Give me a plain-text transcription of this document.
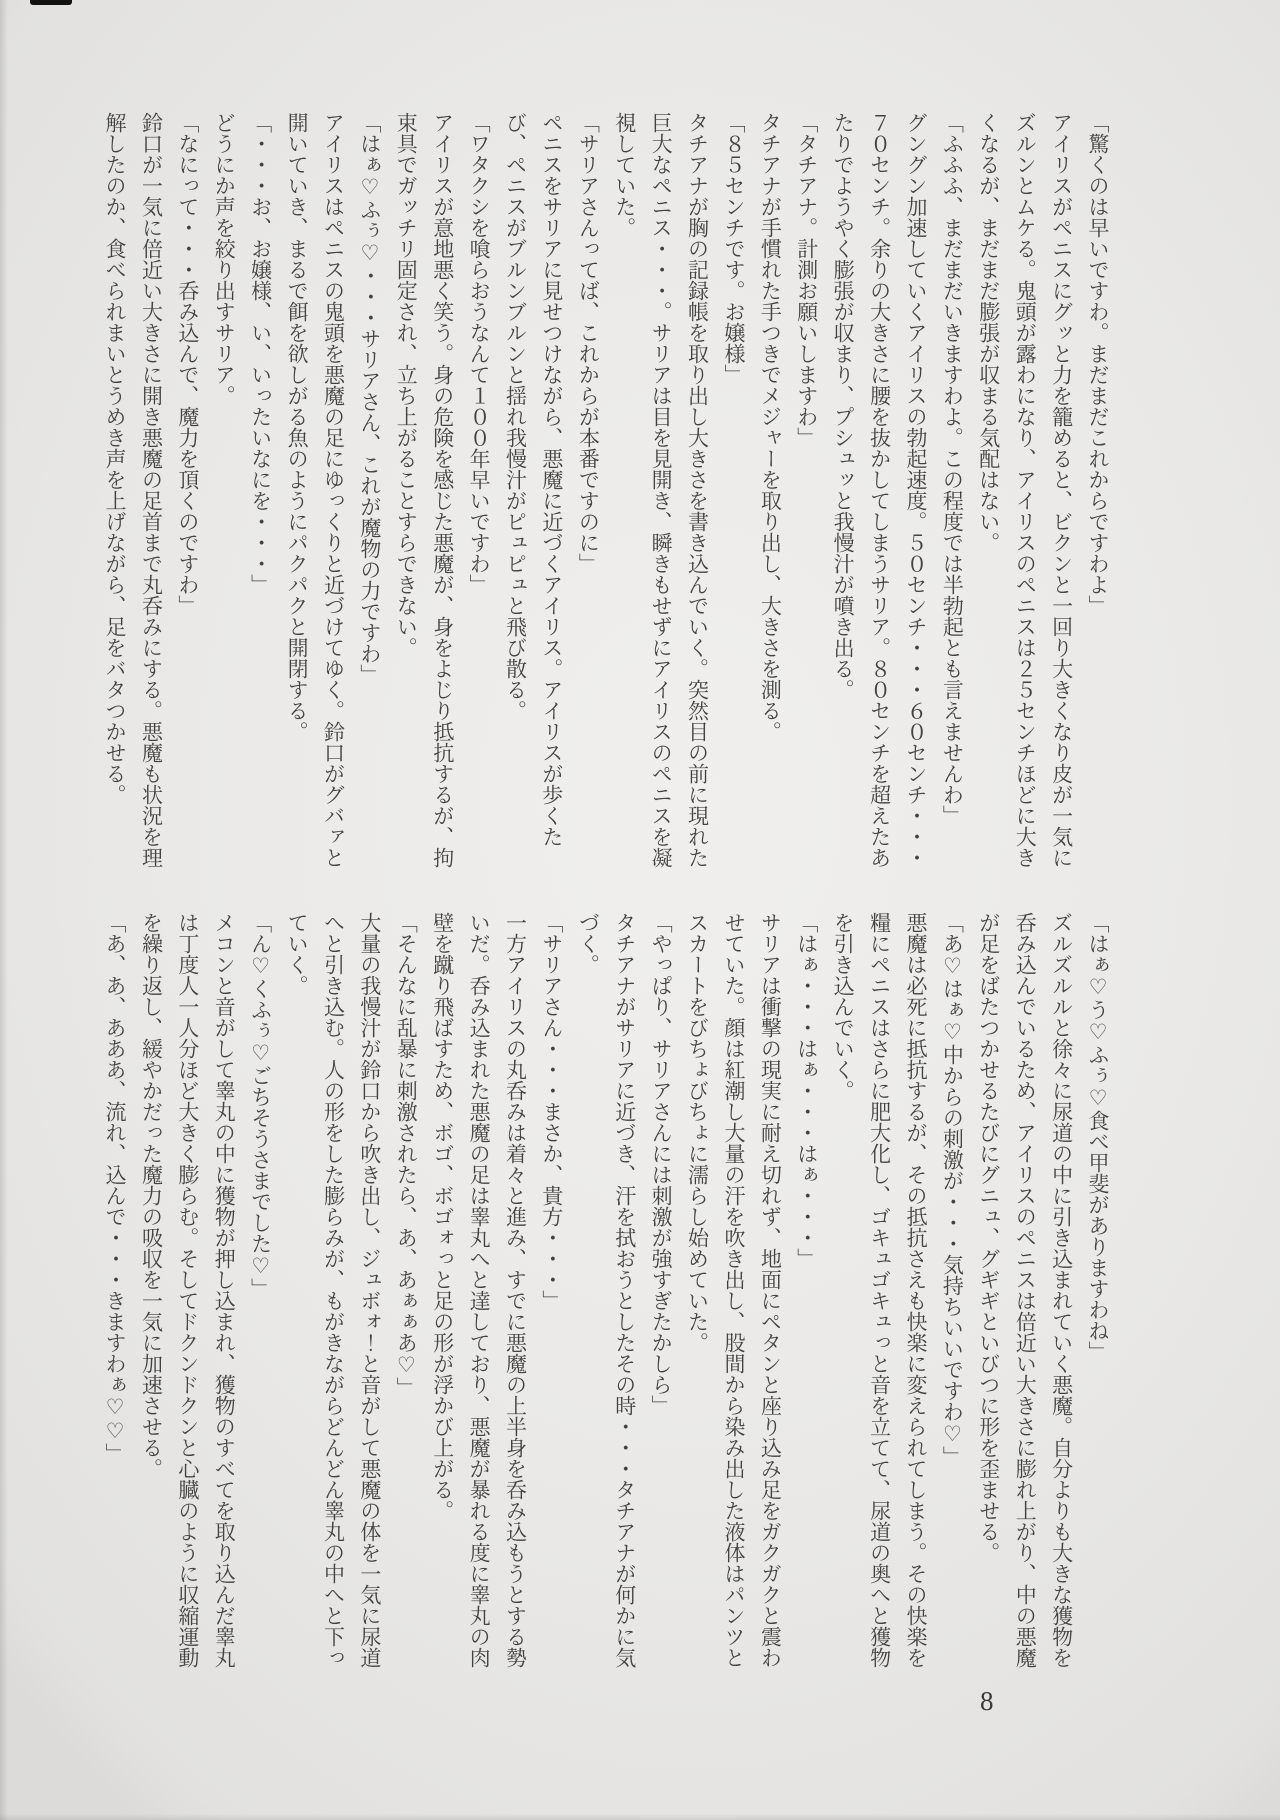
「驚くのは早いですわ。まだまだこれからですわよ」

アイリスがペニスにグッと力を籠めると、ビクンと一回り大きくなり皮が一気にズルンとムケる。鬼頭が露わになり、アイリスのペニスは２５センチほどに大きくなるが、まだまだ膨張が収まる気配はない。

「ふふふ、まだまだいきますわよ。この程度では半勃起とも言えませんわ」

グングン加速していくアイリスの勃起速度。５０センチ・・・６０センチ・・・７０センチ。余りの大きさに腰を抜かしてしまうサリア。８０センチを超えたあたりでようやく膨張が収まり、プシュッと我慢汁が噴き出る。

「タチアナ。計測お願いしますわ」

タチアナが手慣れた手つきでメジャーを取り出し、大きさを測る。

「８５センチです。お嬢様」

タチアナが胸の記録帳を取り出し大きさを書き込んでいく。突然目の前に現れた巨大なペニス・・・。サリアは目を見開き、瞬きもせずにアイリスのペニスを凝視していた。

「サリアさんってば、これからが本番ですのに」

ペニスをサリアに見せつけながら、悪魔に近づくアイリス。アイリスが歩くたび、ペニスがブルンブルンと揺れ我慢汁がピュピュと飛び散る。

「ワタクシを喰らおうなんて１００年早いですわ」

アイリスが意地悪く笑う。身の危険を感じた悪魔が、身をよじり抵抗するが、拘束具でガッチリ固定され、立ち上がることすらできない。

「はぁ♡ふぅ♡・・・サリアさん、これが魔物の力ですわ」

アイリスはペニスの鬼頭を悪魔の足にゆっくりと近づけてゆく。鈴口がグバァと開いていき、まるで餌を欲しがる魚のようにパクパクと開閉する。

「・・・お、お嬢様、い、いったいなにを・・・」

どうにか声を絞り出すサリア。

「なにって・・・呑み込んで、魔力を頂くのですわ」

鈴口が一気に倍近い大きさに開き悪魔の足首まで丸呑みにする。悪魔も状況を理解したのか、食べられまいとうめき声を上げながら、足をバタつかせる。

「はぁ♡う♡ふぅ♡食べ甲斐がありますわね」

ズルズルルと徐々に尿道の中に引き込まれていく悪魔。自分よりも大きな獲物を呑み込んでいるため、アイリスのペニスは倍近い大きさに膨れ上がり、中の悪魔が足をばたつかせるたびにグニュ、グギギといびつに形を歪ませる。

「あ♡はぁ♡中からの刺激が・・・気持ちいいですわ♡」

悪魔は必死に抵抗するが、その抵抗さえも快楽に変えられてしまう。その快楽を糧にペニスはさらに肥大化し、ゴキュゴキュっと音を立てて、尿道の奥へと獲物を引き込んでいく。

「はぁ・・・はぁ・・・はぁ・・・」

サリアは衝撃の現実に耐え切れず、地面にペタンと座り込み足をガクガクと震わせていた。顔は紅潮し大量の汗を吹き出し、股間から染み出した液体はパンツとスカートをびちょびちょに濡らし始めていた。

「やっぱり、サリアさんには刺激が強すぎたかしら」

タチアナがサリアに近づき、汗を拭おうとしたその時・・・タチアナが何かに気づく。

「サリアさん・・・まさか、貴方・・・」

一方アイリスの丸呑みは着々と進み、すでに悪魔の上半身を呑み込もうとする勢いだ。呑み込まれた悪魔の足は睾丸へと達しており、悪魔が暴れる度に睾丸の肉壁を蹴り飛ばすため、ボゴ、ボゴォっと足の形が浮かび上がる。

「そんなに乱暴に刺激されたら、あ、あぁぁあ♡」

大量の我慢汁が鈴口から吹き出し、ジュボォ！と音がして悪魔の体を一気に尿道へと引き込む。人の形をした膨らみが、もがきながらどんどん睾丸の中へと下っていく。

「ん♡くふぅ♡ごちそうさまでした♡」

メコンと音がして睾丸の中に獲物が押し込まれ、獲物のすべてを取り込んだ睾丸は丁度人一人分ほど大きく膨らむ。そしてドクンドクンと心臓のように収縮運動を繰り返し、緩やかだった魔力の吸収を一気に加速させる。

「あ、あ、あああ、流れ、込んで・・・きますわぁ♡♡」

8
